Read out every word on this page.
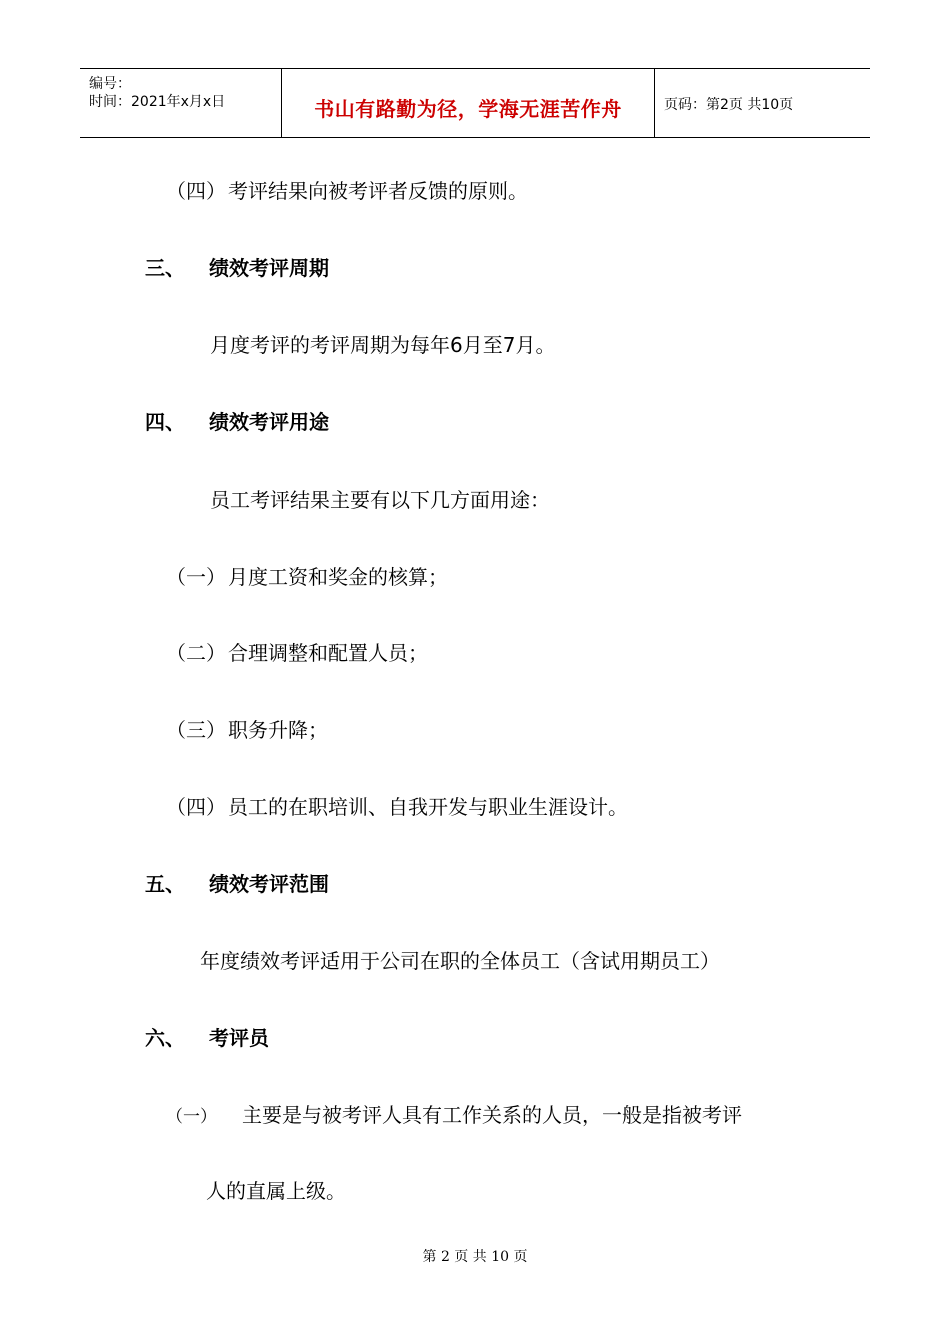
编号：
时间：2021年x月x日	书山有路勤为径，学海无涯苦作舟	页码：第2页 共10页
（四） 考评结果向被考评者反馈的原则。
三、 绩效考评周期
月度考评的考评周期为每年6月至7月。
四、 绩效考评用途
员工考评结果主要有以下几方面用途：
（一） 月度工资和奖金的核算；
（二） 合理调整和配置人员；
（三） 职务升降；
（四） 员工的在职培训、自我开发与职业生涯设计。
五、 绩效考评范围
年度绩效考评适用于公司在职的全体员工（含试用期员工）
六、 考评员
（一） 主要是与被考评人具有工作关系的人员，一般是指被考评
人的直属上级。
第 2 页 共 10 页
